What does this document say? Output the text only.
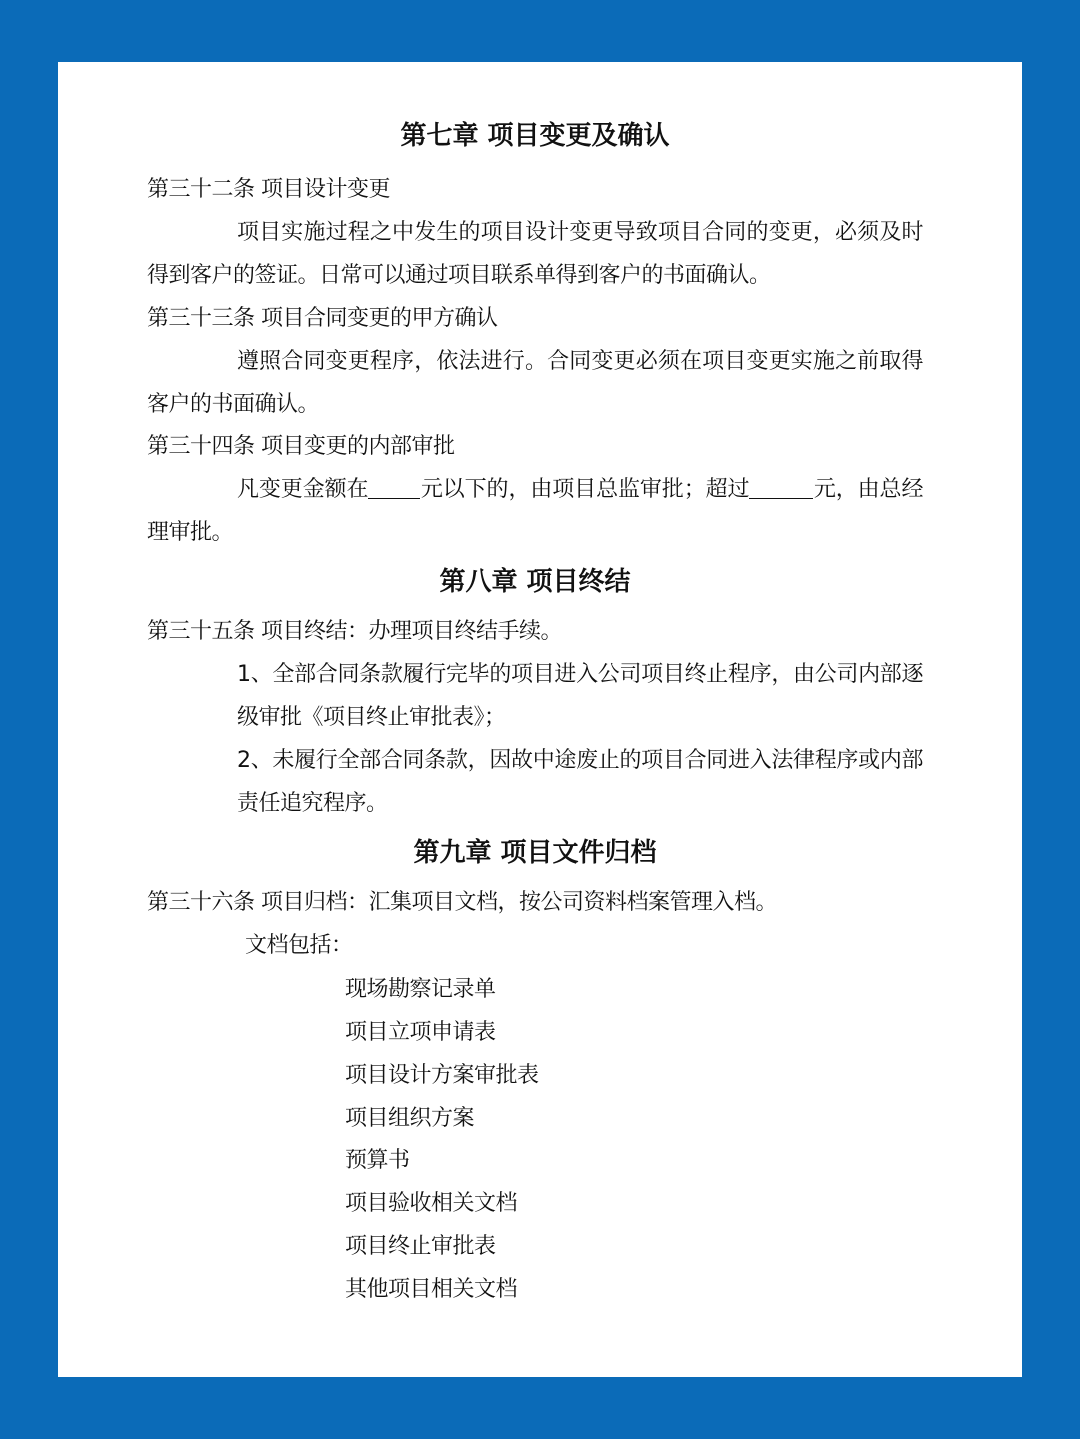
第七章 项目变更及确认
第三十二条 项目设计变更
项目实施过程之中发生的项目设计变更导致项目合同的变更，必须及时
得到客户的签证。日常可以通过项目联系单得到客户的书面确认。
第三十三条 项目合同变更的甲方确认
遵照合同变更程序，依法进行。合同变更必须在项目变更实施之前取得
客户的书面确认。
第三十四条 项目变更的内部审批
凡变更金额在 元以下的，由项目总监审批；超过	元，由总经
理审批。
第八章 项目终结
第三十五条 项目终结：办理项目终结手续。
1、全部合同条款履行完毕的项目进入公司项目终止程序，由公司内部逐
级审批《项目终止审批表》；
2、未履行全部合同条款，因故中途废止的项目合同进入法律程序或内部
责任追究程序。
第九章 项目文件归档
第三十六条 项目归档：汇集项目文档，按公司资料档案管理入档。
文档包括：
现场勘察记录单
项目立项申请表
项目设计方案审批表
项目组织方案
预算书
项目验收相关文档
项目终止审批表
其他项目相关文档
